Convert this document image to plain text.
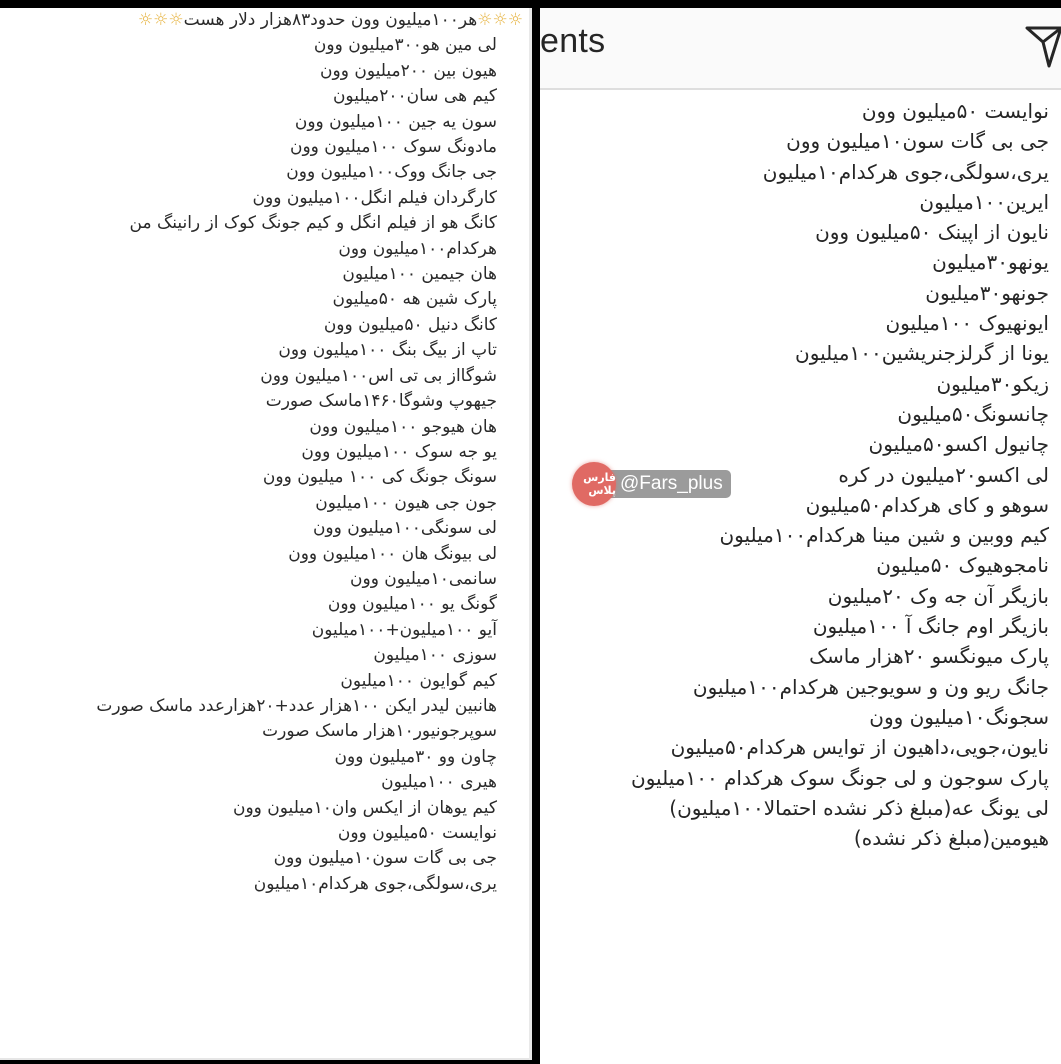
☼☼☼هر۱۰۰میلیون وون حدود۸۳هزار دلار هست☼☼☼
لی مین هو۳۰۰میلیون وون
هیون بین ۲۰۰میلیون وون
کیم هی سان۲۰۰میلیون
سون یه جین ۱۰۰میلیون وون
مادونگ سوک ۱۰۰میلیون وون
جی جانگ ووک۱۰۰میلیون وون
کارگردان فیلم انگل۱۰۰میلیون وون
کانگ هو از فیلم انگل و کیم جونگ کوک از رانینگ من
هرکدام۱۰۰میلیون وون
هان جیمین ۱۰۰میلیون
پارک شین هه ۵۰میلیون
کانگ دنیل ۵۰میلیون وون
تاپ از بیگ بنگ ۱۰۰میلیون وون
شوگااز بی تی اس۱۰۰میلیون وون
جیهوپ وشوگا۱۴۶۰ماسک صورت
هان هیوجو ۱۰۰میلیون وون
یو جه سوک ۱۰۰میلیون وون
سونگ جونگ کی ۱۰۰ میلیون وون
جون جی هیون ۱۰۰میلیون
لی سونگی۱۰۰میلیون وون
لی بیونگ هان ۱۰۰میلیون وون
سانمی۱۰میلیون وون
گونگ یو ۱۰۰میلیون وون
آیو ۱۰۰میلیون+۱۰۰میلیون
سوزی ۱۰۰میلیون
کیم گوایون ۱۰۰میلیون
هانبین لیدر ایکن ۱۰۰هزار عدد+۲۰هزارعدد ماسک صورت
سوپرجونیور۱۰هزار ماسک صورت
چاون وو ۳۰میلیون وون
هیری ۱۰۰میلیون
کیم یوهان از ایکس وان۱۰میلیون وون
نوایست ۵۰میلیون وون
جی بی گات سون۱۰میلیون وون
یری،سولگی،جوی هرکدام۱۰میلیون
ents
نوایست ۵۰میلیون وون
جی بی گات سون۱۰میلیون وون
یری،سولگی،جوی هرکدام۱۰میلیون
ایرین۱۰۰میلیون
نایون از اپینک ۵۰میلیون وون
یونهو۳۰میلیون
جونهو۳۰میلیون
ایونهیوک ۱۰۰میلیون
یونا از گرلزجنریشین۱۰۰میلیون
زیکو۳۰میلیون
چانسونگ۵۰میلیون
چانیول اکسو۵۰میلیون
لی اکسو۲۰میلیون در کره
سوهو و کای هرکدام۵۰میلیون
کیم ووبین و شین مینا هرکدام۱۰۰میلیون
نامجوهیوک ۵۰میلیون
بازیگر آن جه وک ۲۰میلیون
بازیگر اوم جانگ آ ۱۰۰میلیون
پارک میونگسو ۲۰هزار ماسک
جانگ ریو ون و سویوجین هرکدام۱۰۰میلیون
سجونگ۱۰میلیون وون
نایون،جویی،داهیون از توایس هرکدام۵۰میلیون
پارک سوجون و لی جونگ سوک هرکدام ۱۰۰میلیون
لی یونگ عه(مبلغ ذکر نشده احتمالا۱۰۰میلیون)
هیومین(مبلغ ذکر نشده)
فارس پلاس @Fars_plus
